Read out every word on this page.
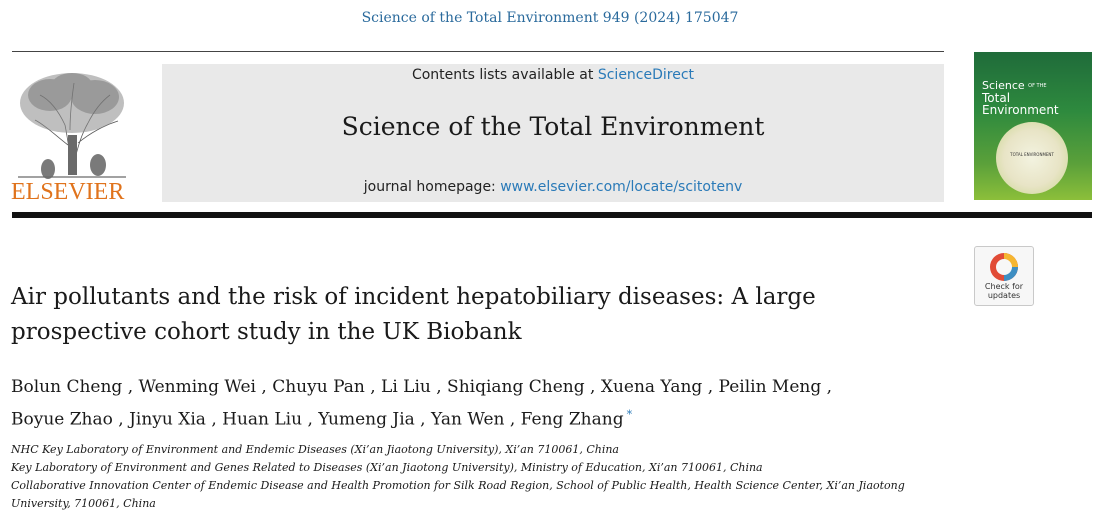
Science of the Total Environment 949 (2024) 175047
ELSEVIER
Contents lists available at ScienceDirect
Science of the Total Environment
journal homepage: www.elsevier.com/locate/scitotenv
Science OF THE
Total Environment
TOTAL ENVIRONMENT
Check for
updates
Air pollutants and the risk of incident hepatobiliary diseases: A large prospective cohort study in the UK Biobank
Bolun Cheng , Wenming Wei , Chuyu Pan , Li Liu , Shiqiang Cheng , Xuena Yang , Peilin Meng ,
Boyue Zhao , Jinyu Xia , Huan Liu , Yumeng Jia , Yan Wen , Feng Zhang *
NHC Key Laboratory of Environment and Endemic Diseases (Xi’an Jiaotong University), Xi’an 710061, China
Key Laboratory of Environment and Genes Related to Diseases (Xi’an Jiaotong University), Ministry of Education, Xi’an 710061, China
Collaborative Innovation Center of Endemic Disease and Health Promotion for Silk Road Region, School of Public Health, Health Science Center, Xi’an Jiaotong University, 710061, China
